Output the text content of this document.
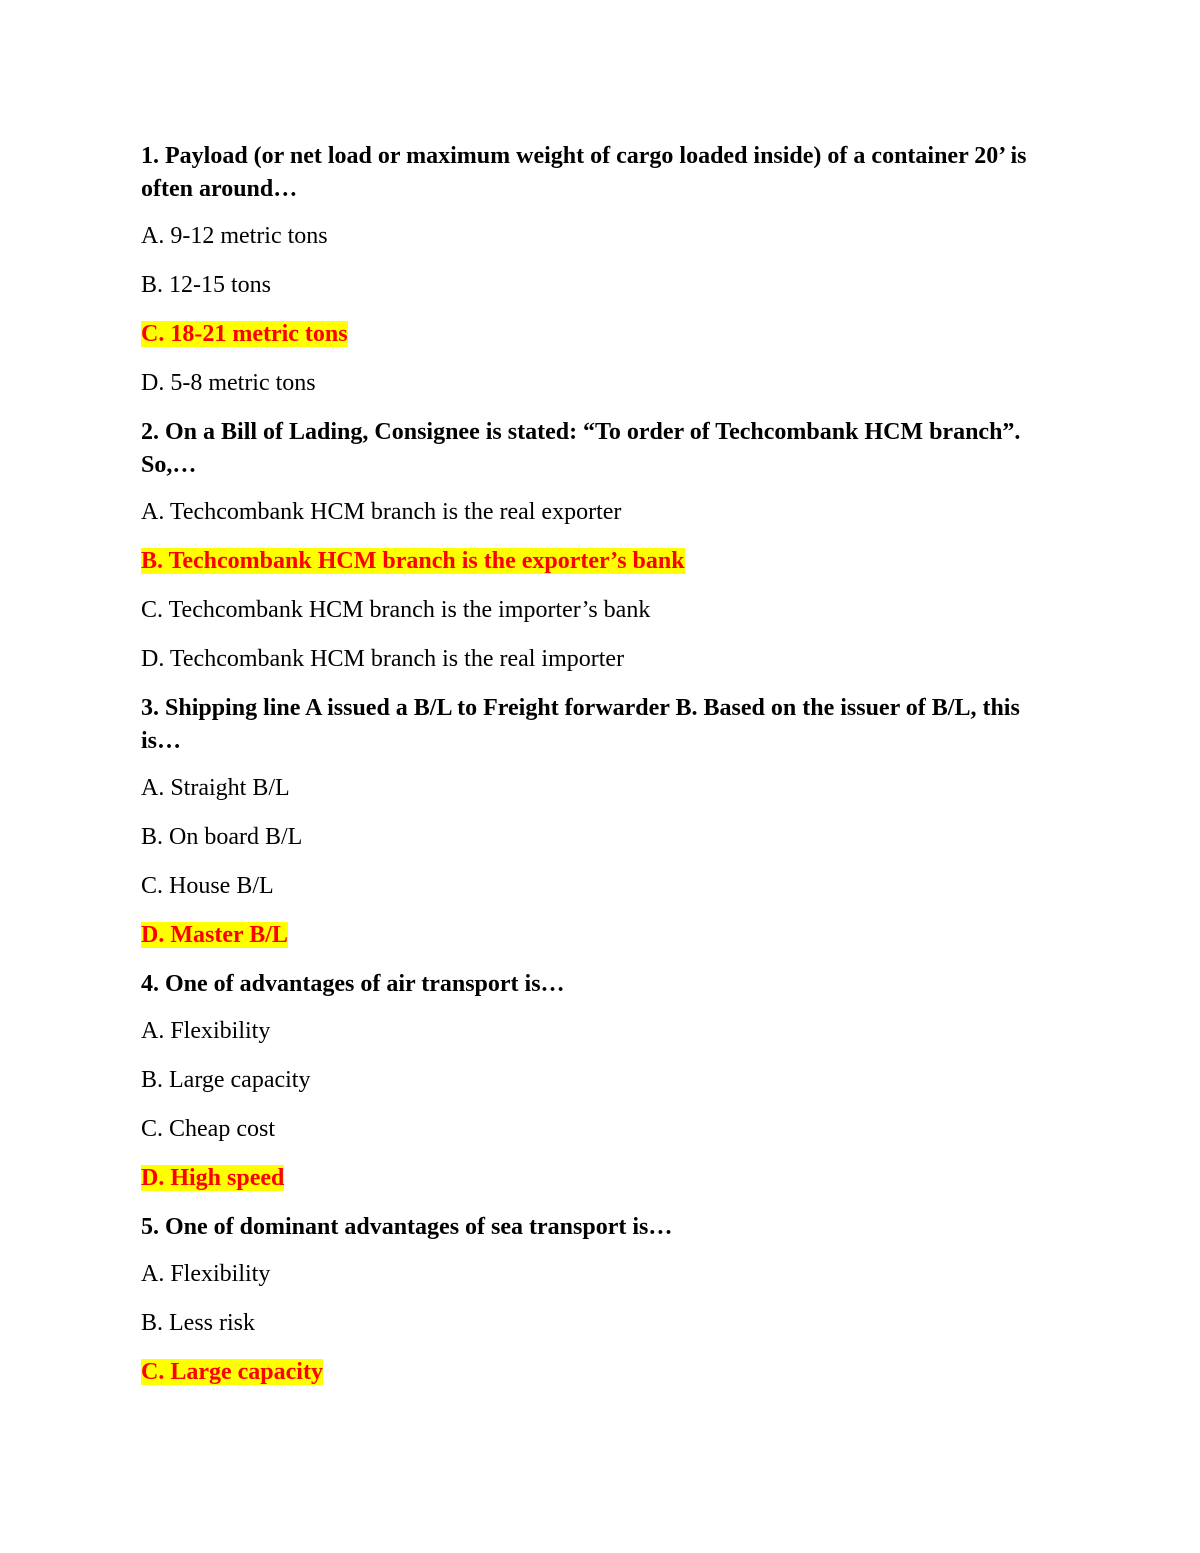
1. Payload (or net load or maximum weight of cargo loaded inside) of a container 20’ is often around…
A. 9-12 metric tons
B. 12-15 tons
C. 18-21 metric tons
D. 5-8 metric tons
2. On a Bill of Lading, Consignee is stated: “To order of Techcombank HCM branch”. So,…
A. Techcombank HCM branch is the real exporter
B. Techcombank HCM branch is the exporter’s bank
C. Techcombank HCM branch is the importer’s bank
D. Techcombank HCM branch is the real importer
3. Shipping line A issued a B/L to Freight forwarder B. Based on the issuer of B/L, this is…
A. Straight B/L
B. On board B/L
C. House B/L
D. Master B/L
4. One of advantages of air transport is…
A. Flexibility
B. Large capacity
C. Cheap cost
D. High speed
5. One of dominant advantages of sea transport is…
A. Flexibility
B. Less risk
C. Large capacity
